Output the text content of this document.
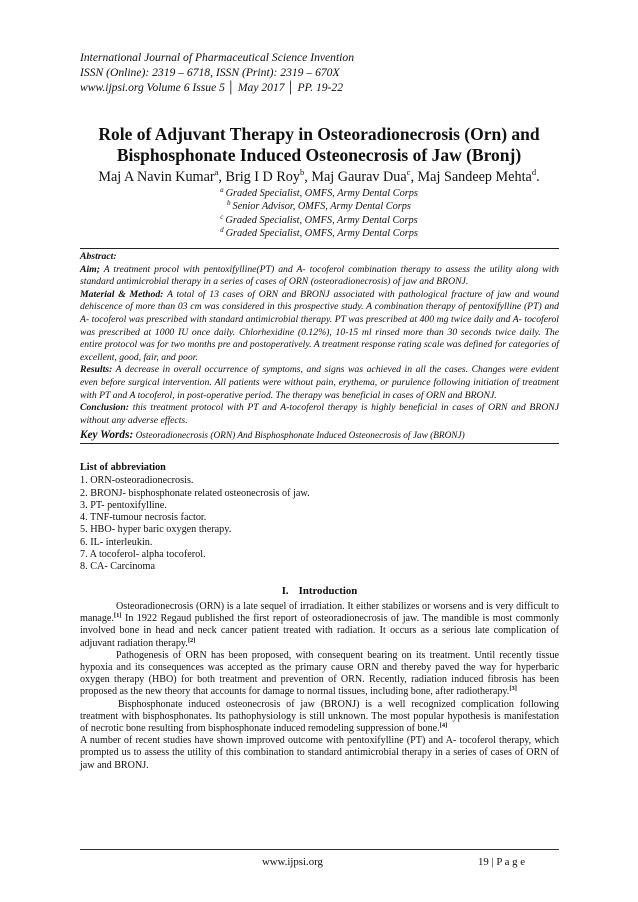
International Journal of Pharmaceutical Science Invention
ISSN (Online): 2319 – 6718, ISSN (Print): 2319 – 670X
www.ijpsi.org Volume 6 Issue 5 │ May 2017 │ PP. 19-22
Role of Adjuvant Therapy in Osteoradionecrosis (Orn) and
Bisphosphonate Induced Osteonecrosis of Jaw (Bronj)
Maj A Navin Kumar$^a$, Brig I D Roy$^b$, Maj Gaurav Dua$^c$, Maj Sandeep Mehta$^d$.
$^a$ Graded Specialist, OMFS, Army Dental Corps
$^b$ Senior Advisor, OMFS, Army Dental Corps
$^c$ Graded Specialist, OMFS, Army Dental Corps
$^d$ Graded Specialist, OMFS, Army Dental Corps

Abstract:

Aim; A treatment procol with pentoxifylline(PT) and A- tocoferol combination therapy to assess the utility along with standard antimicrobial therapy in a series of cases of ORN (osteoradionecrosis) of jaw and BRONJ.

Material & Method: A total of 13 cases of ORN and BRONJ associated with pathological fracture of jaw and wound dehiscence of more than 03 cm was considered in this prospective study. A combination therapy of pentoxifylline (PT) and A- tocoferol was prescribed with standard antimicrobial therapy. PT was prescribed at 400 mg twice daily and A- tocoferol was prescribed at 1000 IU once daily. Chlorhexidine (0.12%), 10-15 ml rinsed more than 30 seconds twice daily. The entire protocol was for two months pre and postoperatively. A treatment response rating scale was defined for categories of excellent, good, fair, and poor.

Results: A decrease in overall occurrence of symptoms, and signs was achieved in all the cases. Changes were evident even before surgical intervention. All patients were without pain, erythema, or purulence following initiation of treatment with PT and A tocoferol, in post-operative period. The therapy was beneficial in cases of ORN and BRONJ.

Conclusion: this treatment protocol with PT and A-tocoferol therapy is highly beneficial in cases of ORN and BRONJ without any adverse effects.

Key Words: Osteoradionecrosis (ORN) And Bisphosphonate Induced Osteonecrosis of Jaw (BRONJ)

List of abbreviation
1. ORN-osteoradionecrosis.
2. BRONJ- bisphosphonate related osteonecrosis of jaw.
3. PT- pentoxifylline.
4. TNF-tumour necrosis factor.
5. HBO- hyper baric oxygen therapy.
6. IL- interleukin.
7. A tocoferol- alpha tocoferol.
8. CA- Carcinoma
I. Introduction

Osteoradionecrosis (ORN) is a late sequel of irradiation. It either stabilizes or worsens and is very difficult to manage.[1] In 1922 Regaud published the first report of osteoradionecrosis of jaw. The mandible is most commonly involved bone in head and neck cancer patient treated with radiation. It occurs as a serious late complication of adjuvant radiation therapy.[2]

Pathogenesis of ORN has been proposed, with consequent bearing on its treatment. Until recently tissue hypoxia and its consequences was accepted as the primary cause ORN and thereby paved the way for hyperbaric oxygen therapy (HBO) for both treatment and prevention of ORN. Recently, radiation induced fibrosis has been proposed as the new theory that accounts for damage to normal tissues, including bone, after radiotherapy.[3]

Bisphosphonate induced osteonecrosis of jaw (BRONJ) is a well recognized complication following treatment with bisphosphonates. Its pathophysiology is still unknown. The most popular hypothesis is manifestation of necrotic bone resulting from bisphosphonate induced remodeling suppression of bone.[4]

A number of recent studies have shown improved outcome with pentoxifylline (PT) and A- tocoferol therapy, which prompted us to assess the utility of this combination to standard antimicrobial therapy in a series of cases of ORN of jaw and BRONJ.

www.ijpsi.org	19 | P a g e
